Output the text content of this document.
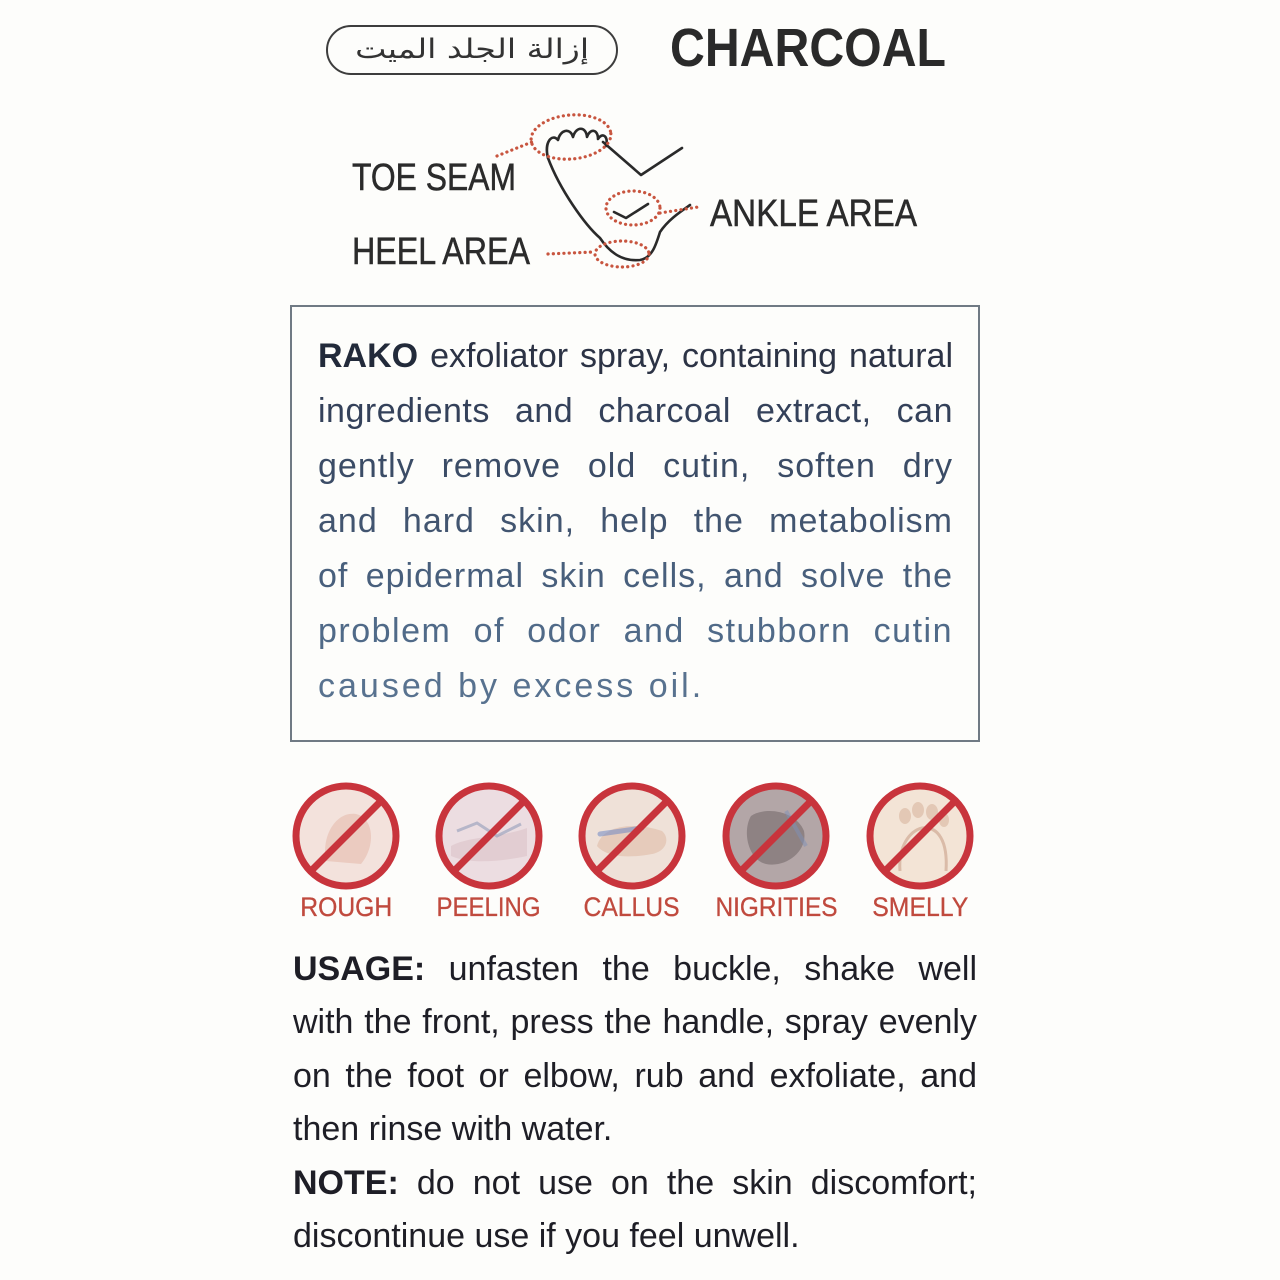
إزالة الجلد الميت CHARCOAL
TOE SEAM
HEEL AREA
ANKLE AREA
RAKO exfoliator spray, containing natural
ingredients and charcoal extract, can
gently remove old cutin, soften dry
and hard skin, help the metabolism
of epidermal skin cells, and solve the
problem of odor and stubborn cutin
caused by excess oil.
ROUGH PEELING CALLUS NIGRITIES SMELLY
USAGE: unfasten the buckle, shake well
with the front, press the handle, spray evenly
on the foot or elbow, rub and exfoliate, and
then rinse with water.
NOTE: do not use on the skin discomfort;
discontinue use if you feel unwell.
